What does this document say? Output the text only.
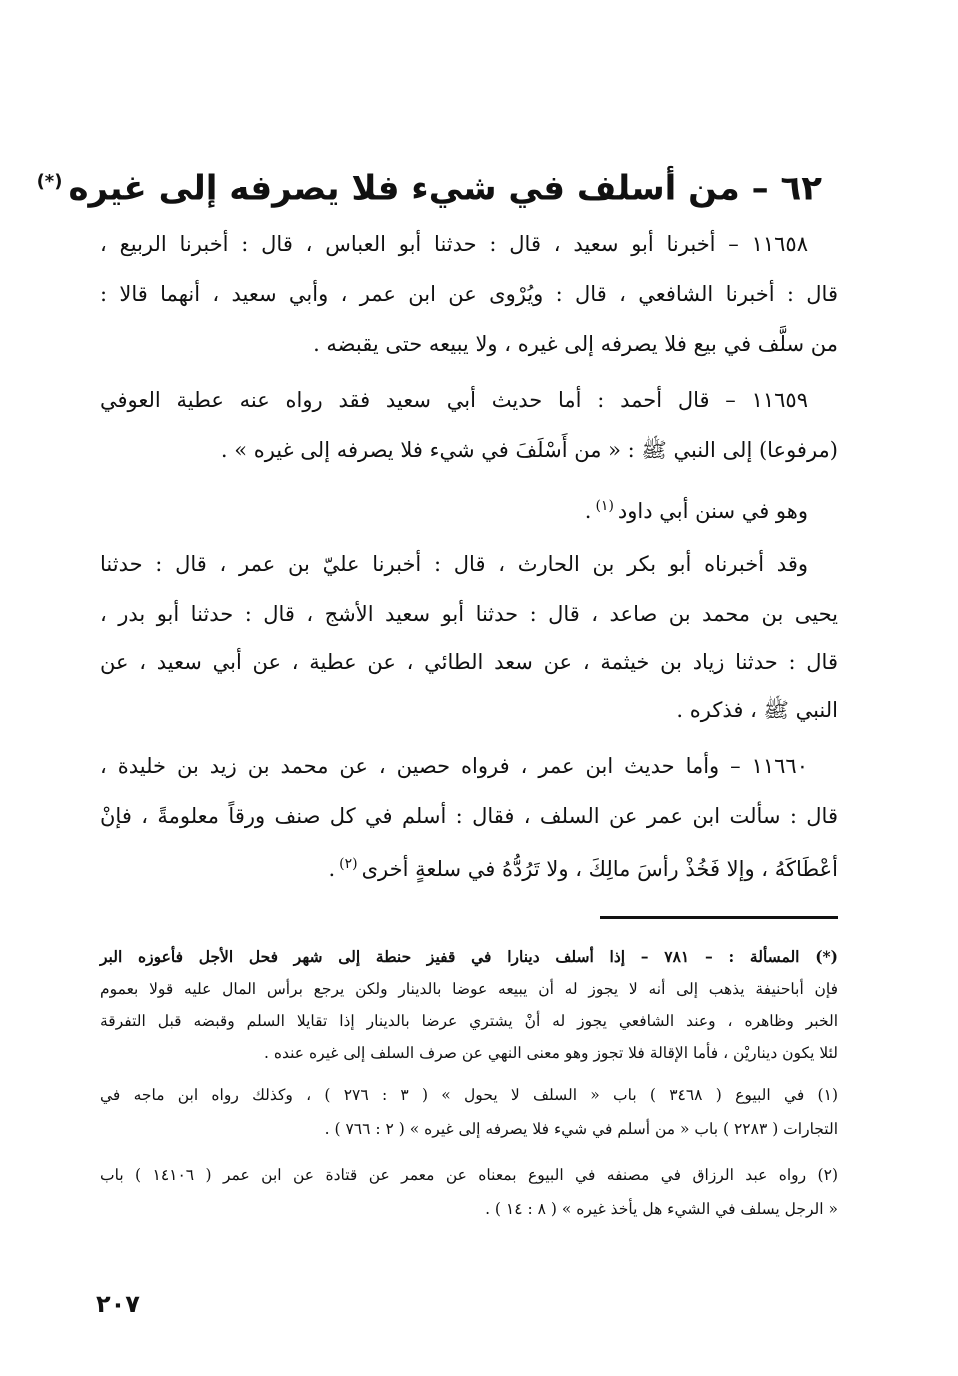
٦٢ – من أسلف في شيء فلا يصرفه إلى غيره(*)
١١٦٥٨ – أخبرنا أبو سعيد ، قال : حدثنا أبو العباس ، قال : أخبرنا الربيع ،
قال : أخبرنا الشافعي ، قال : ويُرْوى عن ابن عمر ، وأبي سعيد ، أنهما قالا :
من سلَّف في بيع فلا يصرفه إلى غيره ، ولا يبيعه حتى يقبضه .
١١٦٥٩ – قال أحمد : أما حديث أبي سعيد فقد رواه عنه عطية العوفي
(مرفوعا) إلى النبي ﷺ : « من أَسْلَفَ في شيء فلا يصرفه إلى غيره » .
وهو في سنن أبي داود$^{(١)}$.
وقد أخبرناه أبو بكر بن الحارث ، قال : أخبرنا عليّ بن عمر ، قال : حدثنا
يحيى بن محمد بن صاعد ، قال : حدثنا أبو سعيد الأشج ، قال : حدثنا أبو بدر ،
قال : حدثنا زياد بن خيثمة ، عن سعد الطائي ، عن عطية ، عن أبي سعيد ، عن
النبي ﷺ ، فذكره .
١١٦٦٠ – وأما حديث ابن عمر ، فرواه حصين ، عن محمد بن زيد بن خليدة ،
قال : سألت ابن عمر عن السلف ، فقال : أسلم في كل صنف ورقاً معلومةً ، فإنْ
أعْطَاكَهُ ، وإلا فَخُذْ رأسَ مالِكَ ، ولا تَرُدُّهُ في سلعةٍ أخرى$^{(٢)}$.
(*) المسألة : – ٧٨١ – إذا أسلف دينارا في قفيز حنطة إلى شهر فحل الأجل فأعوزه البر
فإن أباحنيفة يذهب إلى أنه لا يجوز له أن يبيعه عوضا بالدينار ولكن يرجع برأس المال عليه قولا بعموم
الخبر وظاهره ، وعند الشافعي يجوز له أنْ يشتري عرضا بالدينار إذا تقايلا السلم وقبضه قبل التفرقة
لئلا يكون ديناريْن ، فأما الإقالة فلا تجوز وهو معنى النهي عن صرف السلف إلى غيره عنده .
(١) في البيوع ( ٣٤٦٨ ) باب « السلف لا يحول » ( ٣ : ٢٧٦ ) ، وكذلك رواه ابن ماجه في
التجارات ( ٢٢٨٣ ) باب « من أسلم في شيء فلا يصرفه إلى غيره » ( ٢ : ٧٦٦ ) .
(٢) رواه عبد الرزاق في مصنفه في البيوع بمعناه عن معمر عن قتادة عن ابن عمر ( ١٤١٠٦ ) باب
« الرجل يسلف في الشيء هل يأخذ غيره » ( ٨ : ١٤ ) .
٢٠٧
